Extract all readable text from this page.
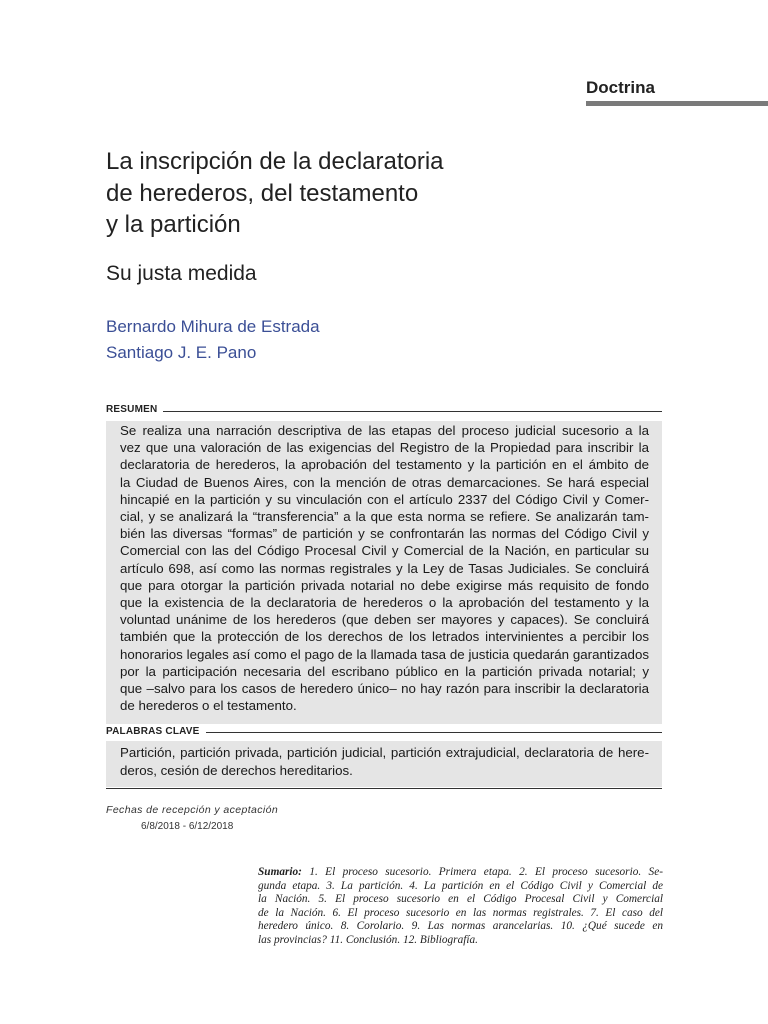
Doctrina
La inscripción de la declaratoria
de herederos, del testamento
y la partición
Su justa medida
Bernardo Mihura de Estrada
Santiago J. E. Pano
RESUMEN
Se realiza una narración descriptiva de las etapas del proceso judicial sucesorio a la
vez que una valoración de las exigencias del Registro de la Propiedad para inscribir la
declaratoria de herederos, la aprobación del testamento y la partición en el ámbito de
la Ciudad de Buenos Aires, con la mención de otras demarcaciones. Se hará especial
hincapié en la partición y su vinculación con el artículo 2337 del Código Civil y Comer-
cial, y se analizará la “transferencia” a la que esta norma se refiere. Se analizarán tam-
bién las diversas “formas” de partición y se confrontarán las normas del Código Civil y
Comercial con las del Código Procesal Civil y Comercial de la Nación, en particular su
artículo 698, así como las normas registrales y la Ley de Tasas Judiciales. Se concluirá
que para otorgar la partición privada notarial no debe exigirse más requisito de fondo
que la existencia de la declaratoria de herederos o la aprobación del testamento y la
voluntad unánime de los herederos (que deben ser mayores y capaces). Se concluirá
también que la protección de los derechos de los letrados intervinientes a percibir los
honorarios legales así como el pago de la llamada tasa de justicia quedarán garantizados
por la participación necesaria del escribano público en la partición privada notarial; y
que –salvo para los casos de heredero único– no hay razón para inscribir la declaratoria
de herederos o el testamento.
PALABRAS CLAVE
Partición, partición privada, partición judicial, partición extrajudicial, declaratoria de here-
deros, cesión de derechos hereditarios.
Fechas de recepción y aceptación
6/8/2018 - 6/12/2018
Sumario: 1. El proceso sucesorio. Primera etapa. 2. El proceso sucesorio. Se-
gunda etapa. 3. La partición. 4. La partición en el Código Civil y Comercial de
la Nación. 5. El proceso sucesorio en el Código Procesal Civil y Comercial
de la Nación. 6. El proceso sucesorio en las normas registrales. 7. El caso del
heredero único. 8. Corolario. 9. Las normas arancelarias. 10. ¿Qué sucede en
las provincias? 11. Conclusión. 12. Bibliografía.
